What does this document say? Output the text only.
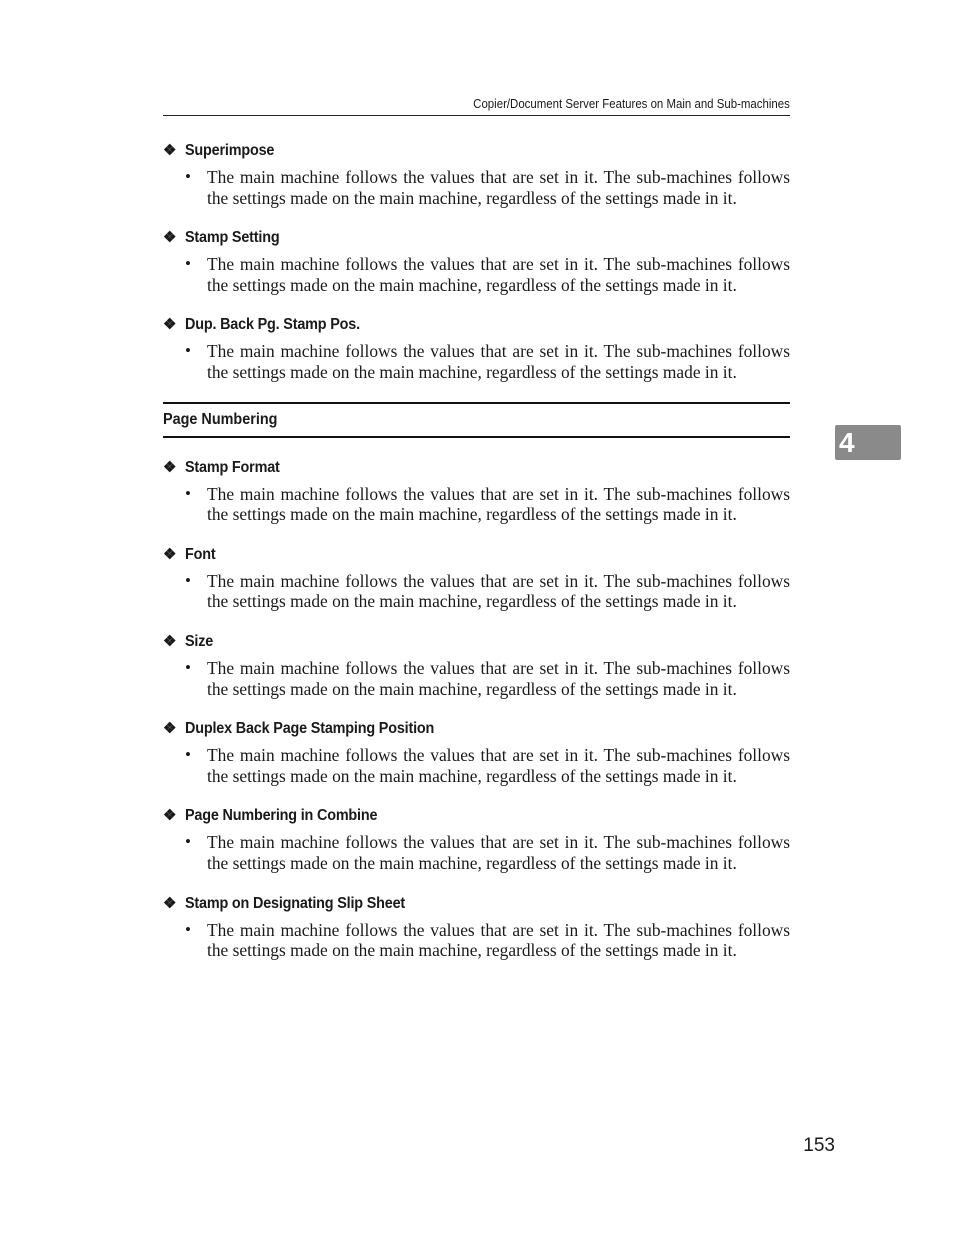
Copier/Document Server Features on Main and Sub-machines
❖ Superimpose
• The main machine follows the values that are set in it. The sub-machines follows the settings made on the main machine, regardless of the settings made in it.
❖ Stamp Setting
• The main machine follows the values that are set in it. The sub-machines follows the settings made on the main machine, regardless of the settings made in it.
❖ Dup. Back Pg. Stamp Pos.
• The main machine follows the values that are set in it. The sub-machines follows the settings made on the main machine, regardless of the settings made in it.
Page Numbering
❖ Stamp Format
• The main machine follows the values that are set in it. The sub-machines follows the settings made on the main machine, regardless of the settings made in it.
❖ Font
• The main machine follows the values that are set in it. The sub-machines follows the settings made on the main machine, regardless of the settings made in it.
❖ Size
• The main machine follows the values that are set in it. The sub-machines follows the settings made on the main machine, regardless of the settings made in it.
❖ Duplex Back Page Stamping Position
• The main machine follows the values that are set in it. The sub-machines follows the settings made on the main machine, regardless of the settings made in it.
❖ Page Numbering in Combine
• The main machine follows the values that are set in it. The sub-machines follows the settings made on the main machine, regardless of the settings made in it.
❖ Stamp on Designating Slip Sheet
• The main machine follows the values that are set in it. The sub-machines follows the settings made on the main machine, regardless of the settings made in it.
4
153
